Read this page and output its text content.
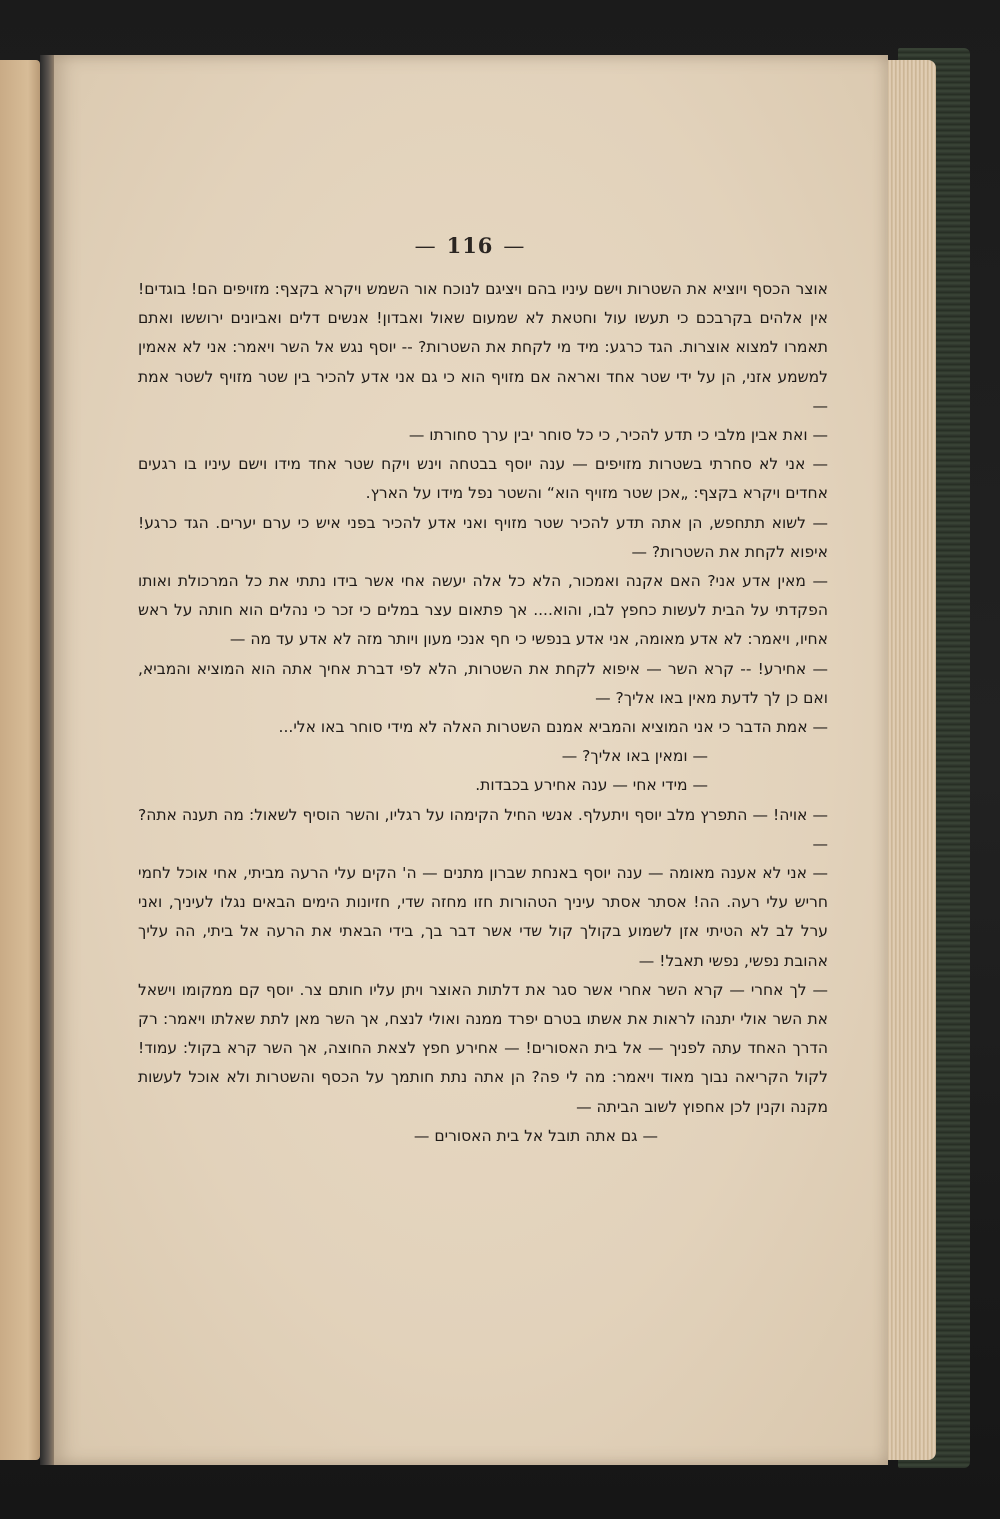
— 116 —

אוצר הכסף ויוציא את השטרות וישם עיניו בהם ויציגם לנוכח אור השמש ויקרא בקצף: מזויפים הם! בוגדים! אין אלהים בקרבכם כי תעשו עול וחטאת לא שמעום שאול ואבדון! אנשים דלים ואביונים ירוששו ואתם תאמרו למצוא אוצרות. הגד כרגע: מיד מי לקחת את השטרות? -- יוסף נגש אל השר ויאמר: אני לא אאמין למשמע אזני, הן על ידי שטר אחד ואראה אם מזויף הוא כי גם אני אדע להכיר בין שטר מזויף לשטר אמת —

— ואת אבין מלבי כי תדע להכיר, כי כל סוחר יבין ערך סחורתו —

— אני לא סחרתי בשטרות מזויפים — ענה יוסף בבטחה וינש ויקח שטר אחד מידו וישם עיניו בו רגעים אחדים ויקרא בקצף: „אכן שטר מזויף הוא“ והשטר נפל מידו על הארץ.

— לשוא תתחפש, הן אתה תדע להכיר שטר מזויף ואני אדע להכיר בפני איש כי ערם יערים. הגד כרגע! איפוא לקחת את השטרות? —

— מאין אדע אני? האם אקנה ואמכור, הלא כל אלה יעשה אחי אשר בידו נתתי את כל המרכולת ואותו הפקדתי על הבית לעשות כחפץ לבו, והוא.... אך פתאום עצר במלים כי זכר כי נהלים הוא חותה על ראש אחיו, ויאמר: לא אדע מאומה, אני אדע בנפשי כי חף אנכי מעון ויותר מזה לא אדע עד מה —

— אחירע! -- קרא השר — איפוא לקחת את השטרות, הלא לפי דברת אחיך אתה הוא המוציא והמביא, ואם כן לך לדעת מאין באו אליך? —

— אמת הדבר כי אני המוציא והמביא אמנם השטרות האלה לא מידי סוחר באו אלי...

— ומאין באו אליך? —

— מידי אחי — ענה אחירע בכבדות.

— אויה! — התפרץ מלב יוסף ויתעלף. אנשי החיל הקימהו על רגליו, והשר הוסיף לשאול: מה תענה אתה? —

— אני לא אענה מאומה — ענה יוסף באנחת שברון מתנים — ה' הקים עלי הרעה מביתי, אחי אוכל לחמי חריש עלי רעה. הה! אסתר אסתר עיניך הטהורות חזו מחזה שדי, חזיונות הימים הבאים נגלו לעיניך, ואני ערל לב לא הטיתי אזן לשמוע בקולך קול שדי אשר דבר בך, בידי הבאתי את הרעה אל ביתי, הה עליך אהובת נפשי, נפשי תאבל! —

— לך אחרי — קרא השר אחרי אשר סגר את דלתות האוצר ויתן עליו חותם צר. יוסף קם ממקומו וישאל את השר אולי יתנהו לראות את אשתו בטרם יפרד ממנה ואולי לנצח, אך השר מאן לתת שאלתו ויאמר: רק הדרך האחד עתה לפניך — אל בית האסורים! — אחירע חפץ לצאת החוצה, אך השר קרא בקול: עמוד! לקול הקריאה נבוך מאוד ויאמר: מה לי פה? הן אתה נתת חותמך על הכסף והשטרות ולא אוכל לעשות מקנה וקנין לכן אחפוץ לשוב הביתה —

— גם אתה תובל אל בית האסורים —
